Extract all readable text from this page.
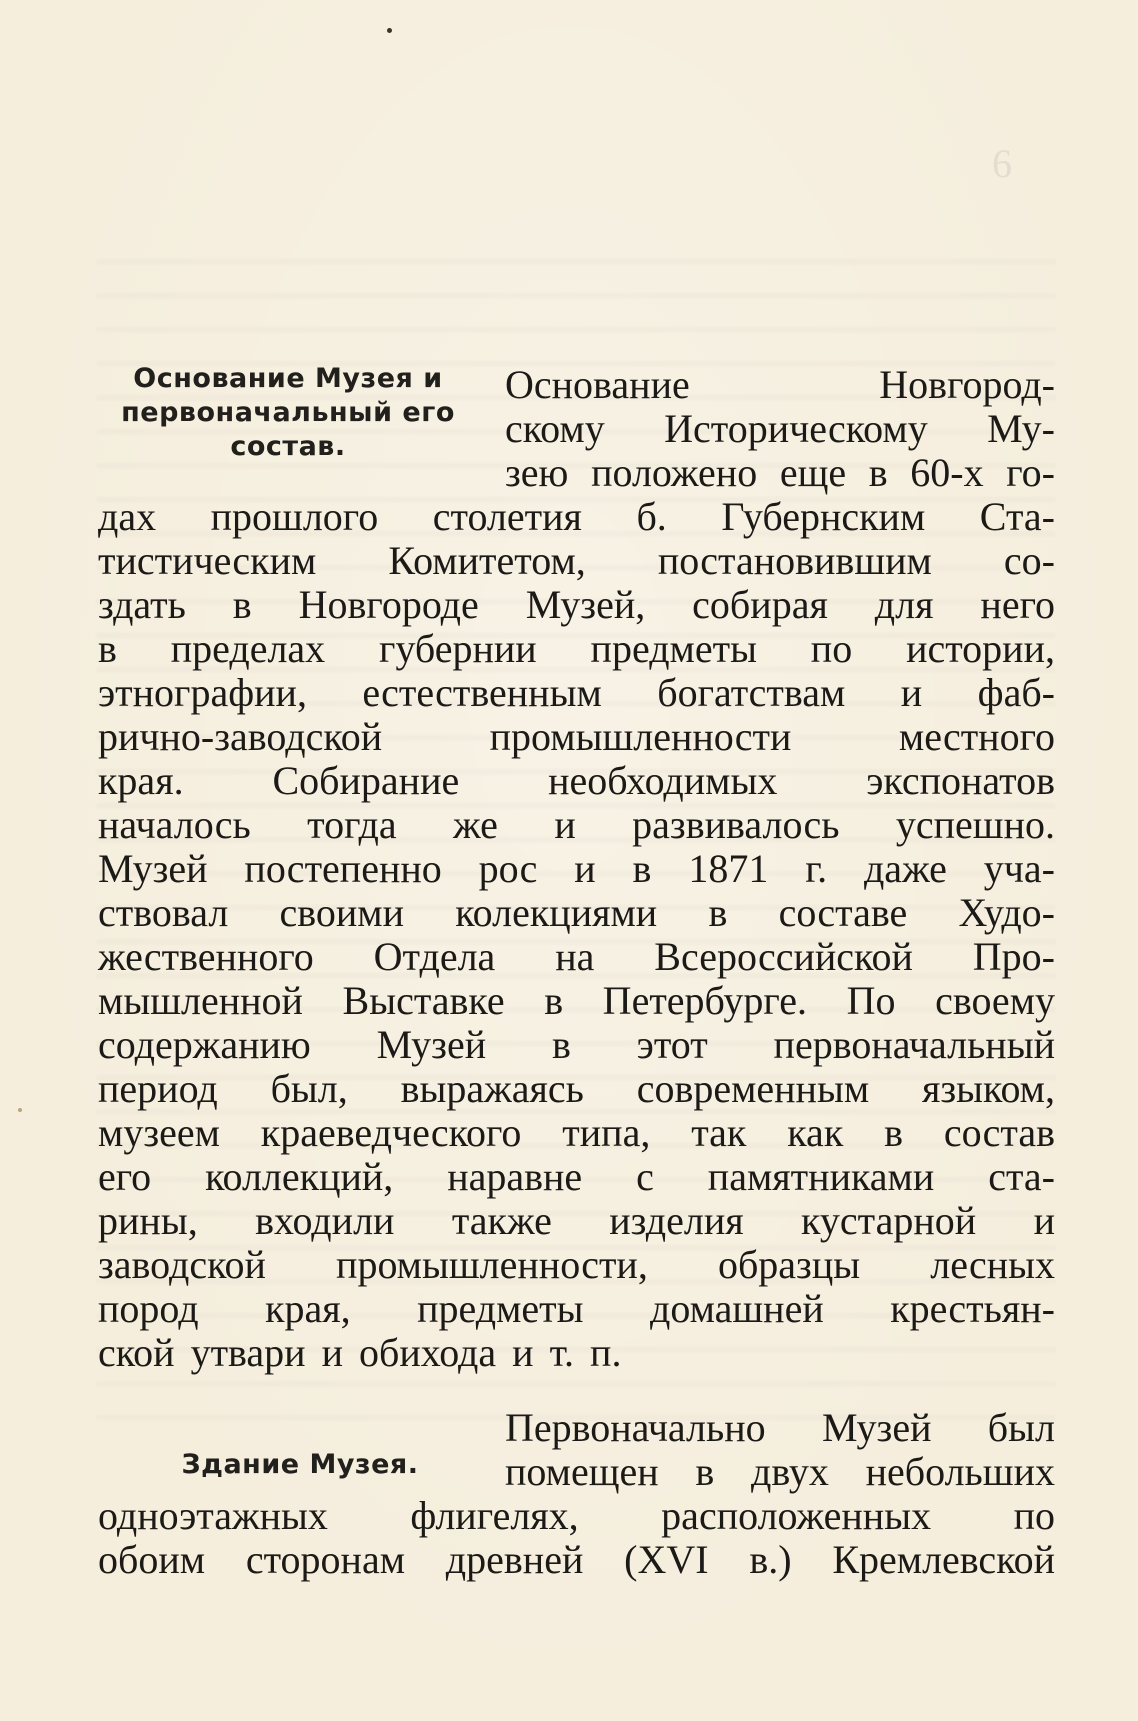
6
Основание Музея и
первоначальный его
состав.
Основание Новгород-
скому Историческому Му-
зею положено еще в 60-х го-
дах прошлого столетия б. Губернским Ста-
тистическим Комитетом, постановившим со-
здать в Новгороде Музей, собирая для него
в пределах губернии предметы по истории,
этнографии, естественным богатствам и фаб-
рично-заводской промышленности местного
края. Собирание необходимых экспонатов
началось тогда же и развивалось успешно.
Музей постепенно рос и в 1871 г. даже уча-
ствовал своими колекциями в составе Худо-
жественного Отдела на Всероссийской Про-
мышленной Выставке в Петербурге. По своему
содержанию Музей в этот первоначальный
период был, выражаясь современным языком,
музеем краеведческого типа, так как в состав
его коллекций, наравне с памятниками ста-
рины, входили также изделия кустарной и
заводской промышленности, образцы лесных
пород края, предметы домашней крестьян-
ской утвари и обихода и т. п.
Здание Музея.
Первоначально Музей был
помещен в двух небольших
одноэтажных флигелях, расположенных по
обоим сторонам древней (XVI в.) Кремлевской
